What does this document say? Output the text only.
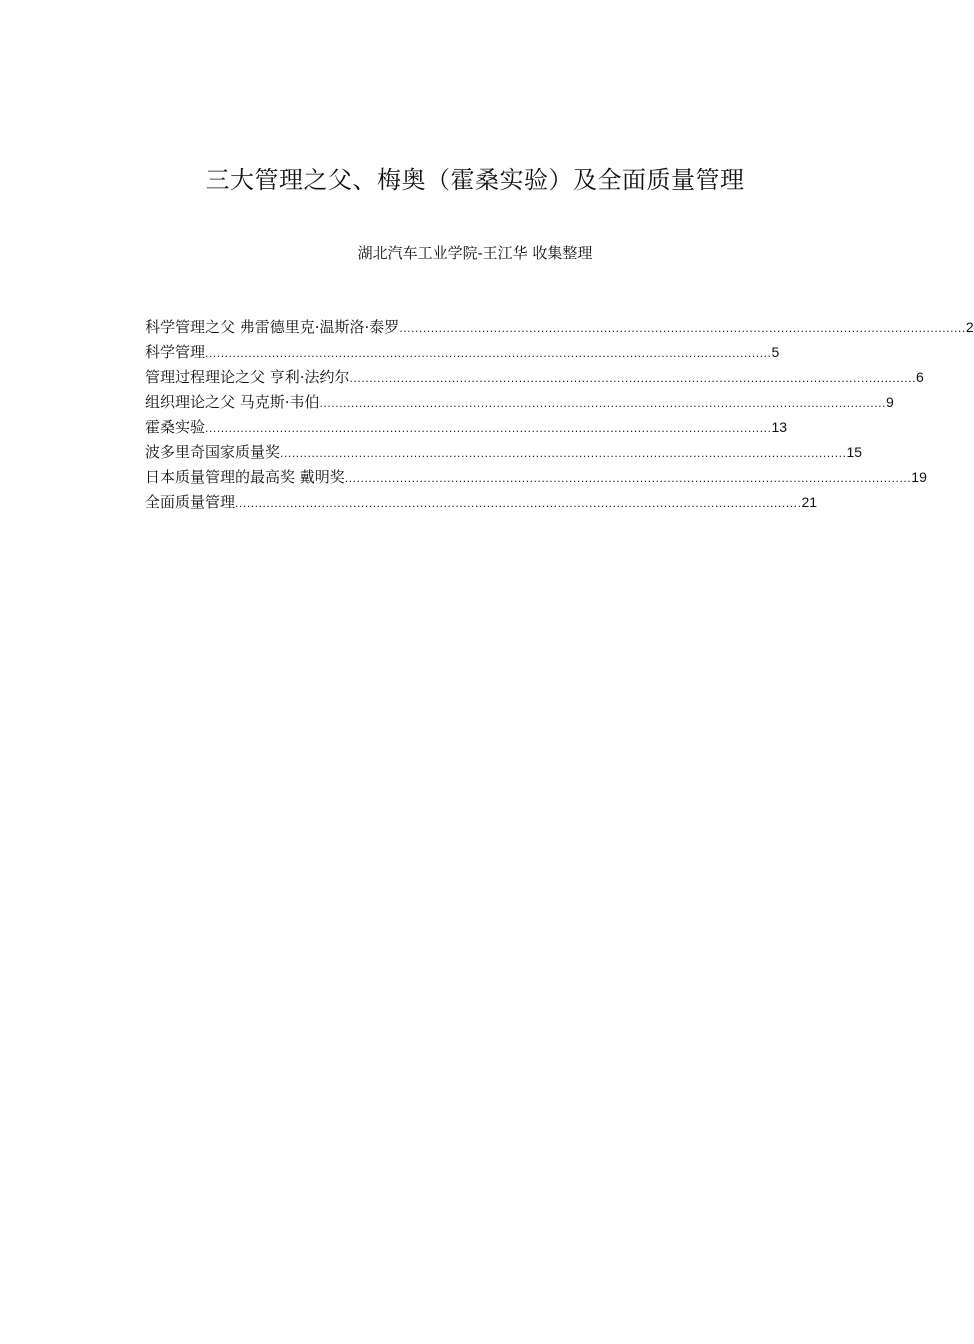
三大管理之父、梅奥（霍桑实验）及全面质量管理
湖北汽车工业学院-王江华 收集整理
科学管理之父 弗雷德里克·温斯洛·泰罗 ................................................................................................................................................ 2
科学管理 ................................................................................................................................................ 5
管理过程理论之父 亨利·法约尔 ................................................................................................................................................ 6
组织理论之父 马克斯·韦伯 ................................................................................................................................................ 9
霍桑实验 ................................................................................................................................................ 13
波多里奇国家质量奖 ................................................................................................................................................ 15
日本质量管理的最高奖 戴明奖 ................................................................................................................................................ 19
全面质量管理 ................................................................................................................................................ 21
